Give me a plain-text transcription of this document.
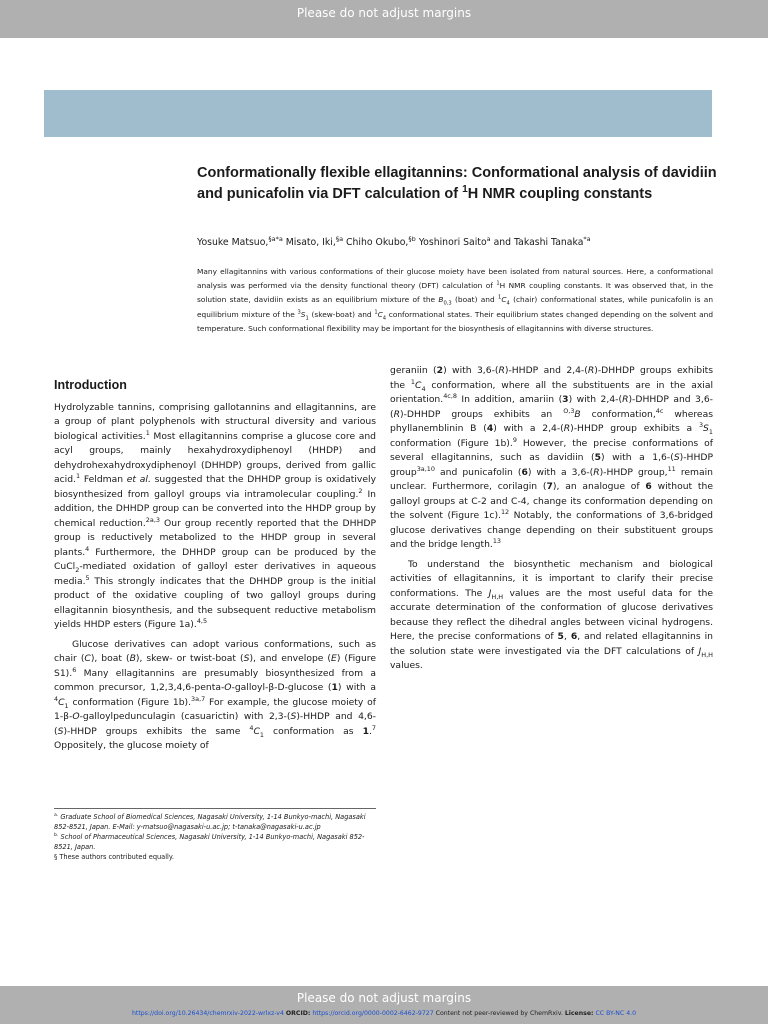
Please do not adjust margins
Conformationally flexible ellagitannins: Conformational analysis of davidiin and punicafolin via DFT calculation of $^1$H NMR coupling constants
Yosuke Matsuo,$^{\S a*a}$ Misato, Iki,$^{\S a}$ Chiho Okubo,$^{\S b}$ Yoshinori Saito$^a$ and Takashi Tanaka$^{*a}$
Many ellagitannins with various conformations of their glucose moiety have been isolated from natural sources. Here, a conformational analysis was performed via the density functional theory (DFT) calculation of $^1$H NMR coupling constants. It was observed that, in the solution state, davidiin exists as an equilibrium mixture of the $B_{0,3}$ (boat) and $^1C_4$ (chair) conformational states, while punicafolin is an equilibrium mixture of the $^3S_1$ (skew-boat) and $^1C_4$ conformational states. Their equilibrium states changed depending on the solvent and temperature. Such conformational flexibility may be important for the biosynthesis of ellagitannins with diverse structures.
Introduction

Hydrolyzable tannins, comprising gallotannins and ellagitannins, are a group of plant polyphenols with structural diversity and various biological activities.$^1$ Most ellagitannins comprise a glucose core and acyl groups, mainly hexahydroxydiphenoyl (HHDP) and dehydrohexahydroxydiphenoyl (DHHDP) groups, derived from gallic acid.$^1$ Feldman et al. suggested that the DHHDP group is oxidatively biosynthesized from galloyl groups via intramolecular coupling.$^2$ In addition, the DHHDP group can be converted into the HHDP group by chemical reduction.$^{2a,3}$ Our group recently reported that the DHHDP group is reductively metabolized to the HHDP group in several plants.$^4$ Furthermore, the DHHDP group can be produced by the CuCl$_2$-mediated oxidation of galloyl ester derivatives in aqueous media.$^5$ This strongly indicates that the DHHDP group is the initial product of the oxidative coupling of two galloyl groups during ellagitannin biosynthesis, and the subsequent reductive metabolism yields HHDP esters (Figure 1a).$^{4,5}$

Glucose derivatives can adopt various conformations, such as chair (C), boat (B), skew- or twist-boat (S), and envelope (E) (Figure S1).$^6$ Many ellagitannins are presumably biosynthesized from a common precursor, 1,2,3,4,6-penta-O-galloyl-β-D-glucose (1) with a $^4C_1$ conformation (Figure 1b).$^{3a,7}$ For example, the glucose moiety of 1-β-O-galloylpedunculagin (casuarictin) with 2,3-(S)-HHDP and 4,6-(S)-HHDP groups exhibits the same $^4C_1$ conformation as 1.$^7$ Oppositely, the glucose moiety of

geraniin (2) with 3,6-(R)-HHDP and 2,4-(R)-DHHDP groups exhibits the $^1C_4$ conformation, where all the substituents are in the axial orientation.$^{4c,8}$ In addition, amariin (3) with 2,4-(R)-DHHDP and 3,6-(R)-DHHDP groups exhibits an $^{O,3}$B conformation,$^{4c}$ whereas phyllanemblinin B (4) with a 2,4-(R)-HHDP group exhibits a $^3S_1$ conformation (Figure 1b).$^9$ However, the precise conformations of several ellagitannins, such as davidiin (5) with a 1,6-(S)-HHDP group$^{3a,10}$ and punicafolin (6) with a 3,6-(R)-HHDP group,$^{11}$ remain unclear. Furthermore, corilagin (7), an analogue of 6 without the galloyl groups at C-2 and C-4, change its conformation depending on the solvent (Figure 1c).$^{12}$ Notably, the conformations of 3,6-bridged glucose derivatives change depending on their substituent groups and the bridge length.$^{13}$

To understand the biosynthetic mechanism and biological activities of ellagitannins, it is important to clarify their precise conformations. The $J_{H,H}$ values are the most useful data for the accurate determination of the conformation of glucose derivatives because they reflect the dihedral angles between vicinal hydrogens. Here, the precise conformations of 5, 6, and related ellagitannins in the solution state were investigated via the DFT calculations of $J_{H,H}$ values.

$^{a.}$ Graduate School of Biomedical Sciences, Nagasaki University, 1-14 Bunkyo-machi, Nagasaki 852-8521, Japan. E-Mail: y-matsuo@nagasaki-u.ac.jp; t-tanaka@nagasaki-u.ac.jp

$^{b.}$ School of Pharmaceutical Sciences, Nagasaki University, 1-14 Bunkyo-machi, Nagasaki 852-8521, Japan.

§ These authors contributed equally.

Please do not adjust margins
https://doi.org/10.26434/chemrxiv-2022-wrlxz-v4 ORCID: https://orcid.org/0000-0002-6462-9727 Content not peer-reviewed by ChemRxiv. License: CC BY-NC 4.0
